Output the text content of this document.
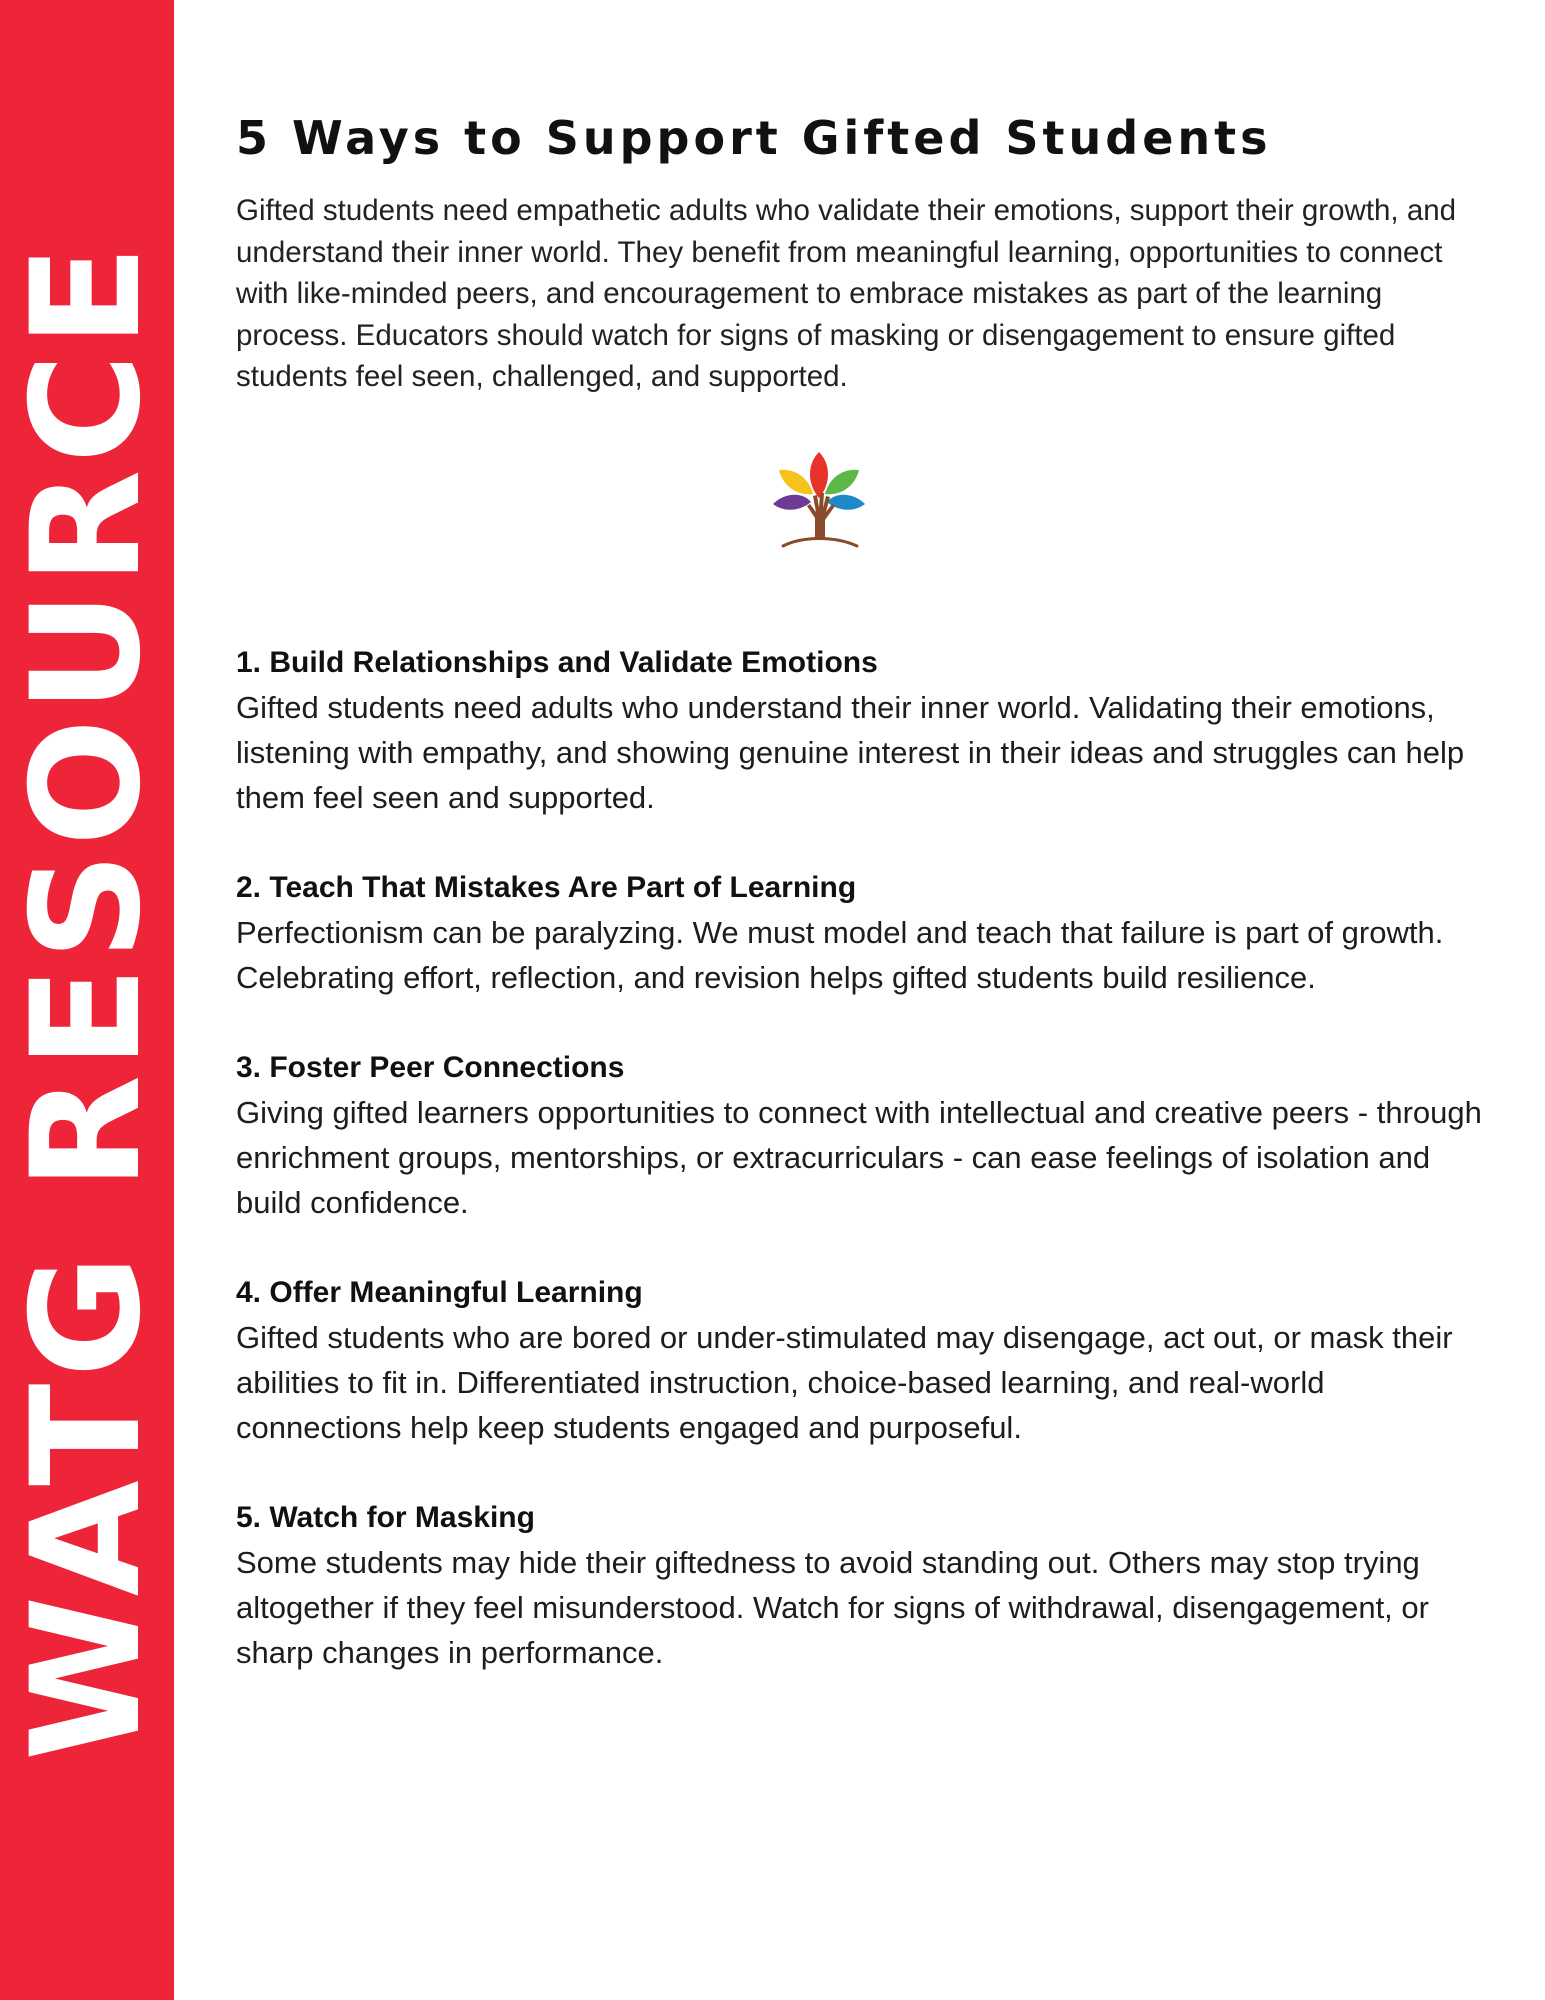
WATG RESOURCE
5 Ways to Support Gifted Students

Gifted students need empathetic adults who validate their emotions, support their growth, and understand their inner world. They benefit from meaningful learning, opportunities to connect with like-minded peers, and encouragement to embrace mistakes as part of the learning process. Educators should watch for signs of masking or disengagement to ensure gifted students feel seen, challenged, and supported.

1. Build Relationships and Validate Emotions

Gifted students need adults who understand their inner world. Validating their emotions, listening with empathy, and showing genuine interest in their ideas and struggles can help them feel seen and supported.

2. Teach That Mistakes Are Part of Learning

Perfectionism can be paralyzing. We must model and teach that failure is part of growth. Celebrating effort, reflection, and revision helps gifted students build resilience.

3. Foster Peer Connections

Giving gifted learners opportunities to connect with intellectual and creative peers - through enrichment groups, mentorships, or extracurriculars - can ease feelings of isolation and build confidence.

4. Offer Meaningful Learning

Gifted students who are bored or under-stimulated may disengage, act out, or mask their abilities to fit in. Differentiated instruction, choice-based learning, and real-world connections help keep students engaged and purposeful.

5. Watch for Masking

Some students may hide their giftedness to avoid standing out. Others may stop trying altogether if they feel misunderstood. Watch for signs of withdrawal, disengagement, or sharp changes in performance.
